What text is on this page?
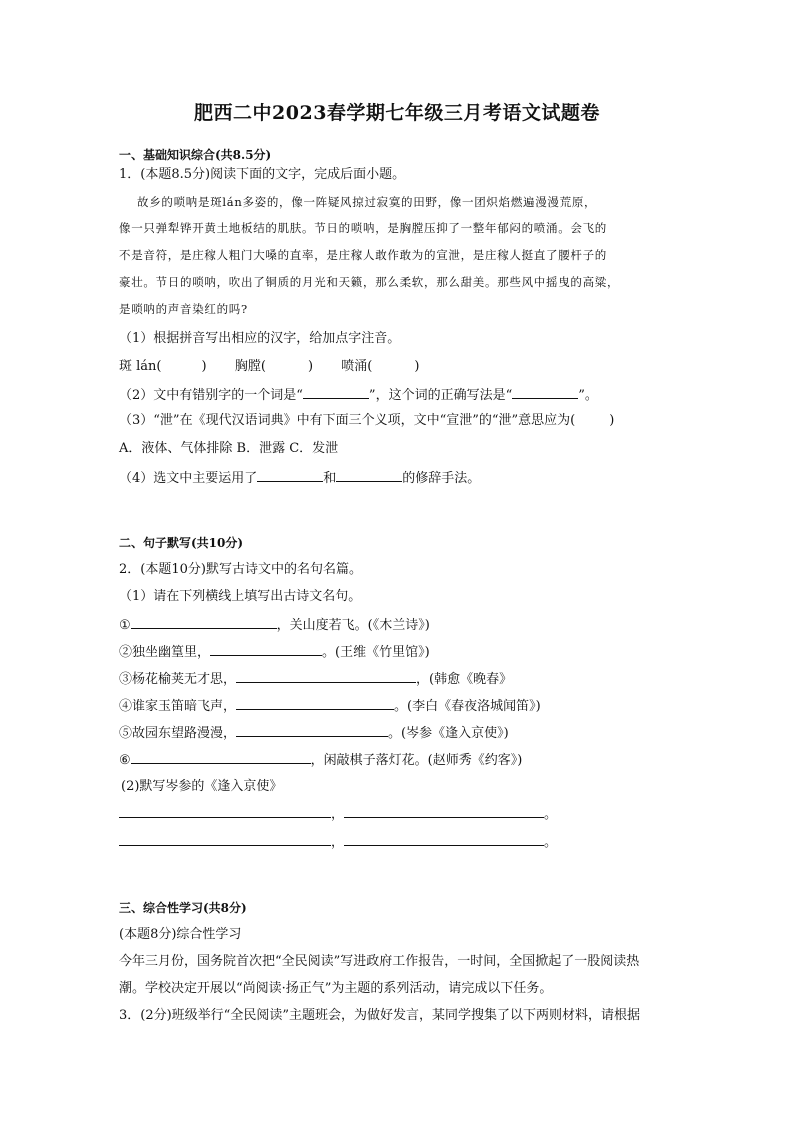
肥西二中2023春学期七年级三月考语文试题卷
一、基础知识综合(共8.5分)
1．(本题8.5分)阅读下面的文字，完成后面小题。
故乡的唢呐是斑lán多姿的，像一阵疑风掠过寂寞的田野，像一团炽焰燃遍漫漫荒原，
像一只弹犁铧开黄土地板结的肌肤。节日的唢呐，是胸膛压抑了一整年郁闷的喷涌。会飞的
不是音符，是庄稼人粗门大嗓的直率，是庄稼人敢作敢为的宣泄，是庄稼人挺直了腰杆子的
豪壮。节日的唢呐，吹出了铜质的月光和天籁，那么柔软，那么甜美。那些风中摇曳的高粱，
是唢呐的声音染红的吗?
（1）根据拼音写出相应的汉字，给加点字注音。
斑 lán(	) 胸膛(	) 喷涌(	)
（2）文中有错别字的一个词是“	”，这个词的正确写法是“	”。
（3）“泄”在《现代汉语词典》中有下面三个义项，文中“宣泄”的“泄”意思应为(	)
A．液体、气体排除 B．泄露 C．发泄
（4）选文中主要运用了	和	的修辞手法。
二、句子默写(共10分)
2．(本题10分)默写古诗文中的名句名篇。
（1）请在下列横线上填写出古诗文名句。
①	，关山度若飞。(《木兰诗》)
②独坐幽篁里，	。(王维《竹里馆》)
③杨花榆荚无才思，	，(韩愈《晚春》
④谁家玉笛暗飞声，	。(李白《春夜洛城闻笛》)
⑤故园东望路漫漫，	。(岑参《逢入京使》)
⑥	，闲敲棋子落灯花。(赵师秀《约客》)
(2)默写岑参的《逢入京使》
，	。
，	。
三、综合性学习(共8分)
(本题8分)综合性学习
今年三月份，国务院首次把“全民阅读”写进政府工作报告，一时间，全国掀起了一股阅读热
潮。学校决定开展以“尚阅读·扬正气”为主题的系列活动，请完成以下任务。
3．(2分)班级举行“全民阅读”主题班会，为做好发言，某同学搜集了以下两则材料，请根据
